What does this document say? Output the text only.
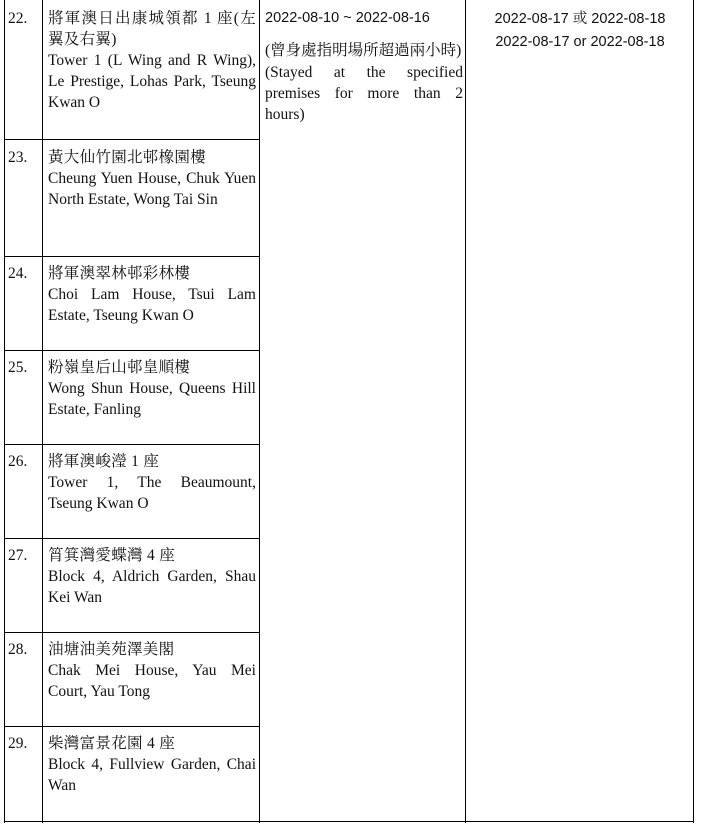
22. 將軍澳日出康城領都 1 座(左翼及右翼)
Tower 1 (L Wing and R Wing), Le Prestige, Lohas Park, Tseung Kwan O
23. 黃大仙竹園北邨橡園樓
Cheung Yuen House, Chuk Yuen North Estate, Wong Tai Sin
24. 將軍澳翠林邨彩林樓
Choi Lam House, Tsui Lam Estate, Tseung Kwan O
25. 粉嶺皇后山邨皇順樓
Wong Shun House, Queens Hill Estate, Fanling
26. 將軍澳峻瀅 1 座
Tower 1, The Beaumount, Tseung Kwan O
27. 筲箕灣愛蝶灣 4 座
Block 4, Aldrich Garden, Shau Kei Wan
28. 油塘油美苑澤美閣
Chak Mei House, Yau Mei Court, Yau Tong
29. 柴灣富景花園 4 座
Block 4, Fullview Garden, Chai Wan
2022-08-10 ~ 2022-08-16
(曾身處指明場所超過兩小時)
(Stayed at the specified premises for more than 2 hours)
2022-08-17 或 2022-08-18
2022-08-17 or 2022-08-18
